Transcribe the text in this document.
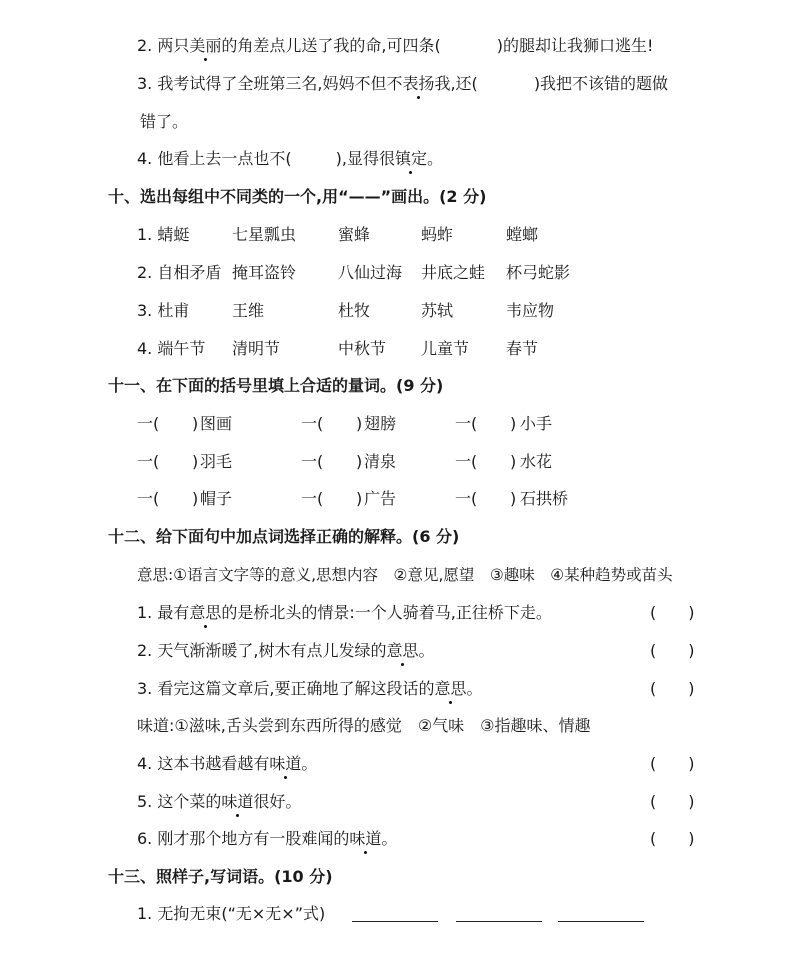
2. 两只美丽的角差点儿送了我的命,可四条(	)的腿却让我狮口逃生!
3. 我考试得了全班第三名,妈妈不但不表扬我,还(	)我把不该错的题做
错了。
4. 他看上去一点也不(	),显得很镇定。
十、选出每组中不同类的一个,用“——”画出。(2 分)
1. 蜻蜓	七星瓢虫	蜜蜂	蚂蚱	螳螂
2. 自相矛盾 掩耳盗铃	八仙过海 井底之蛙 杯弓蛇影
3. 杜甫	王维	杜牧	苏轼	韦应物
4. 端午节 清明节	中秋节 儿童节 春节
十一、在下面的括号里填上合适的量词。(9 分)
一( ) 图画	一( ) 翅膀	一( ) 小手
一( ) 羽毛	一( ) 清泉	一( ) 水花
一( ) 帽子	一( ) 广告	一( ) 石拱桥
十二、给下面句中加点词选择正确的解释。(6 分)
意思:①语言文字等的意义,思想内容　②意见,愿望　③趣味　④某种趋势或苗头
1. 最有意思的是桥北头的情景:一个人骑着马,正往桥下走。	(　　)
2. 天气渐渐暖了,树木有点儿发绿的意思。	(　　)
3. 看完这篇文章后,要正确地了解这段话的意思。	(　　)
味道:①滋味,舌头尝到东西所得的感觉　②气味　③指趣味、情趣
4. 这本书越看越有味道。	(　　)
5. 这个菜的味道很好。	(　　)
6. 刚才那个地方有一股难闻的味道。	(　　)
十三、照样子,写词语。(10 分)
1. 无拘无束(“无×无×”式)
